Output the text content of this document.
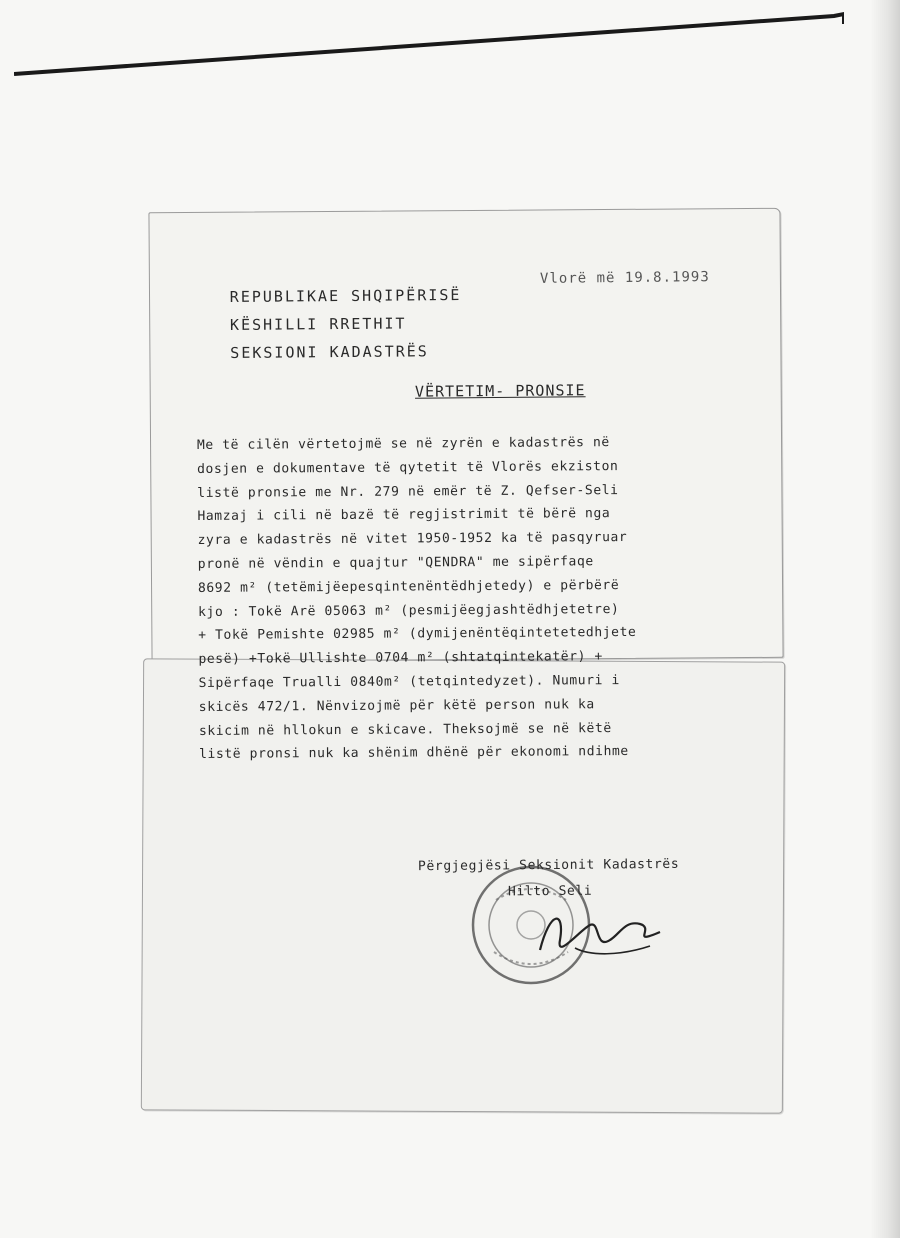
REPUBLIKAE SHQIPËRISË
KËSHILLI RRETHIT
SEKSIONI KADASTRËS
Vlorë më 19.8.1993
VËRTETIM- PRONSIE
Me të cilën vërtetojmë se në zyrën e kadastrës në
dosjen e dokumentave të qytetit të Vlorës ekziston
listë pronsie me Nr. 279 në emër të Z. Qefser-Seli
Hamzaj i cili në bazë të regjistrimit të bërë nga
zyra e kadastrës në vitet 1950-1952 ka të pasqyruar
pronë në vëndin e quajtur "QENDRA" me sipërfaqe
8692 m² (tetëmijëepesqintenëntëdhjetedy) e përbërë
kjo : Tokë Arë 05063 m² (pesmijëegjashtëdhjetetre)
+ Tokë Pemishte 02985 m² (dymijenëntëqintetetedhjete
pesë) +Tokë Ullishte 0704 m² (shtatqintekatër) +
Sipërfaqe Trualli 0840m² (tetqintedyzet). Numuri i
skicës 472/1. Nënvizojmë për këtë person nuk ka
skicim në hllokun e skicave. Theksojmë se në këtë
listë pronsi nuk ka shënim dhënë për ekonomi ndihme
Përgjegjësi Seksionit Kadastrës
Hilto Seli
